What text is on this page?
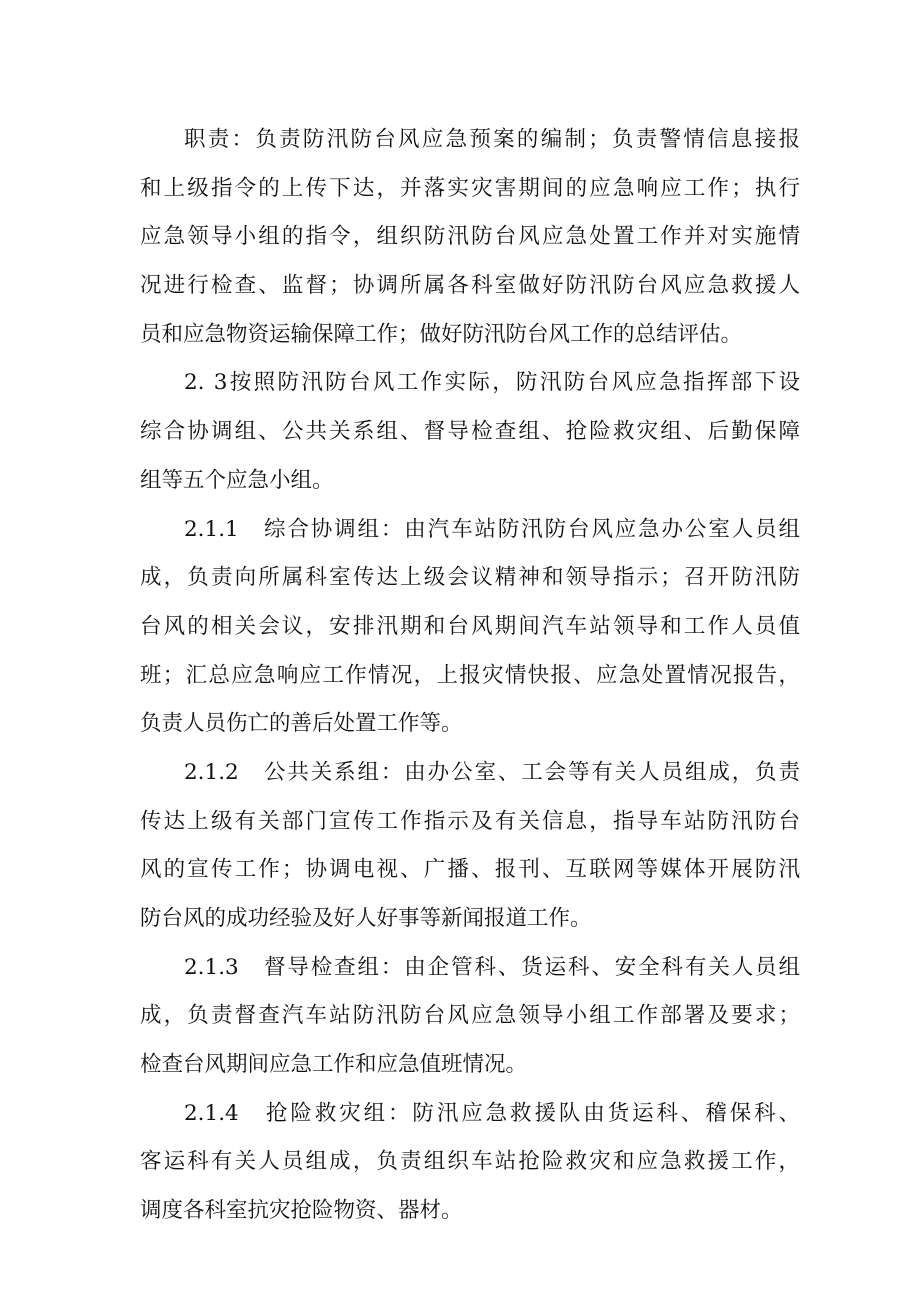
职责：负责防汛防台风应急预案的编制；负责警情信息接报
和上级指令的上传下达，并落实灾害期间的应急响应工作；执行
应急领导小组的指令，组织防汛防台风应急处置工作并对实施情
况进行检查、监督；协调所属各科室做好防汛防台风应急救援人
员和应急物资运输保障工作；做好防汛防台风工作的总结评估。
2. 3按照防汛防台风工作实际，防汛防台风应急指挥部下设
综合协调组、公共关系组、督导检查组、抢险救灾组、后勤保障
组等五个应急小组。
2.1.1　综合协调组：由汽车站防汛防台风应急办公室人员组
成，负责向所属科室传达上级会议精神和领导指示；召开防汛防
台风的相关会议，安排汛期和台风期间汽车站领导和工作人员值
班；汇总应急响应工作情况，上报灾情快报、应急处置情况报告，
负责人员伤亡的善后处置工作等。
2.1.2　公共关系组：由办公室、工会等有关人员组成，负责
传达上级有关部门宣传工作指示及有关信息，指导车站防汛防台
风的宣传工作；协调电视、广播、报刊、互联网等媒体开展防汛
防台风的成功经验及好人好事等新闻报道工作。
2.1.3　督导检查组：由企管科、货运科、安全科有关人员组
成，负责督查汽车站防汛防台风应急领导小组工作部署及要求；
检查台风期间应急工作和应急值班情况。
2.1.4　抢险救灾组：防汛应急救援队由货运科、稽保科、
客运科有关人员组成，负责组织车站抢险救灾和应急救援工作，
调度各科室抗灾抢险物资、器材。
